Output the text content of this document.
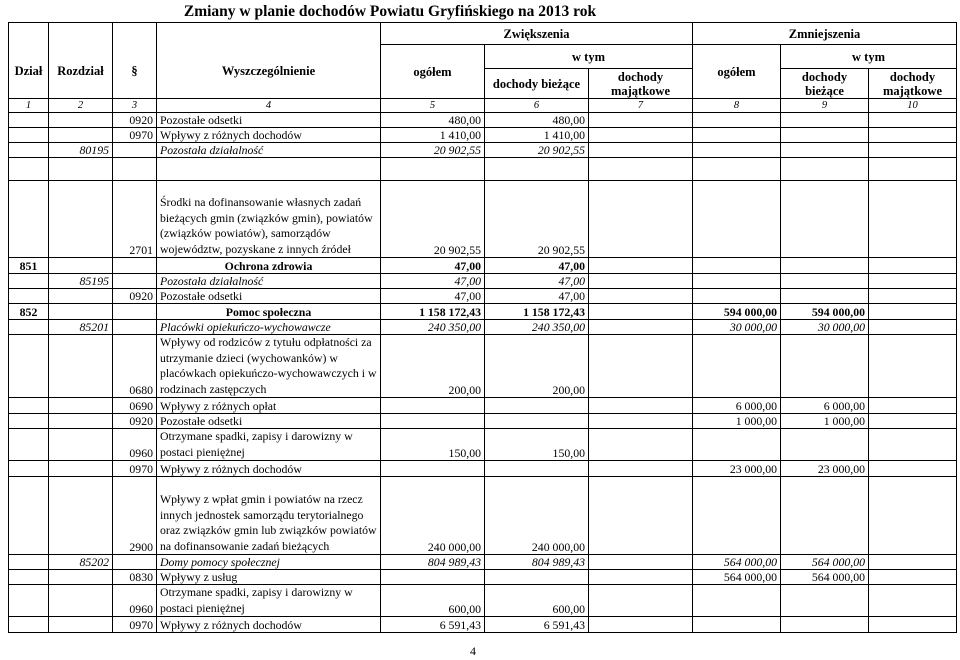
Zmiany w planie dochodów Powiatu Gryfińskiego na 2013 rok
				Zwiększenia			Zmniejszenia		
Dział	Rozdział	§	Wyszczególnienie	ogółem	w tym		ogółem	w tym	
					dochody bieżące	dochody majątkowe		dochody bieżące	dochody majątkowe
1	2	3	4	5	6	7	8	9	10
		0920	Pozostałe odsetki	480,00	480,00				
		0970	Wpływy z różnych dochodów	1 410,00	1 410,00				
	80195		Pozostała działalność	20 902,55	20 902,55				

		2701	Środki na dofinansowanie własnych zadań bieżących gmin (związków gmin), powiatów (związków powiatów), samorządów województw, pozyskane z innych źródeł	20 902,55	20 902,55				
851			Ochrona zdrowia	47,00	47,00				
	85195		Pozostała działalność	47,00	47,00				
		0920	Pozostałe odsetki	47,00	47,00				
852			Pomoc społeczna	1 158 172,43	1 158 172,43		594 000,00	594 000,00	
	85201		Placówki opiekuńczo-wychowawcze	240 350,00	240 350,00		30 000,00	30 000,00	
		0680	Wpływy od rodziców z tytułu odpłatności za utrzymanie dzieci (wychowanków) w placówkach opiekuńczo-wychowawczych i w rodzinach zastępczych	200,00	200,00				
		0690	Wpływy z różnych opłat				6 000,00	6 000,00	
		0920	Pozostałe odsetki				1 000,00	1 000,00	
		0960	Otrzymane spadki, zapisy i darowizny w postaci pieniężnej	150,00	150,00				
		0970	Wpływy z różnych dochodów				23 000,00	23 000,00	
		2900	Wpływy z wpłat gmin i powiatów na rzecz innych jednostek samorządu terytorialnego oraz związków gmin lub związków powiatów na dofinansowanie zadań bieżących	240 000,00	240 000,00				
	85202		Domy pomocy społecznej	804 989,43	804 989,43		564 000,00	564 000,00	
		0830	Wpływy z usług				564 000,00	564 000,00	
		0960	Otrzymane spadki, zapisy i darowizny w postaci pieniężnej	600,00	600,00				
		0970	Wpływy z różnych dochodów	6 591,43	6 591,43				
4
